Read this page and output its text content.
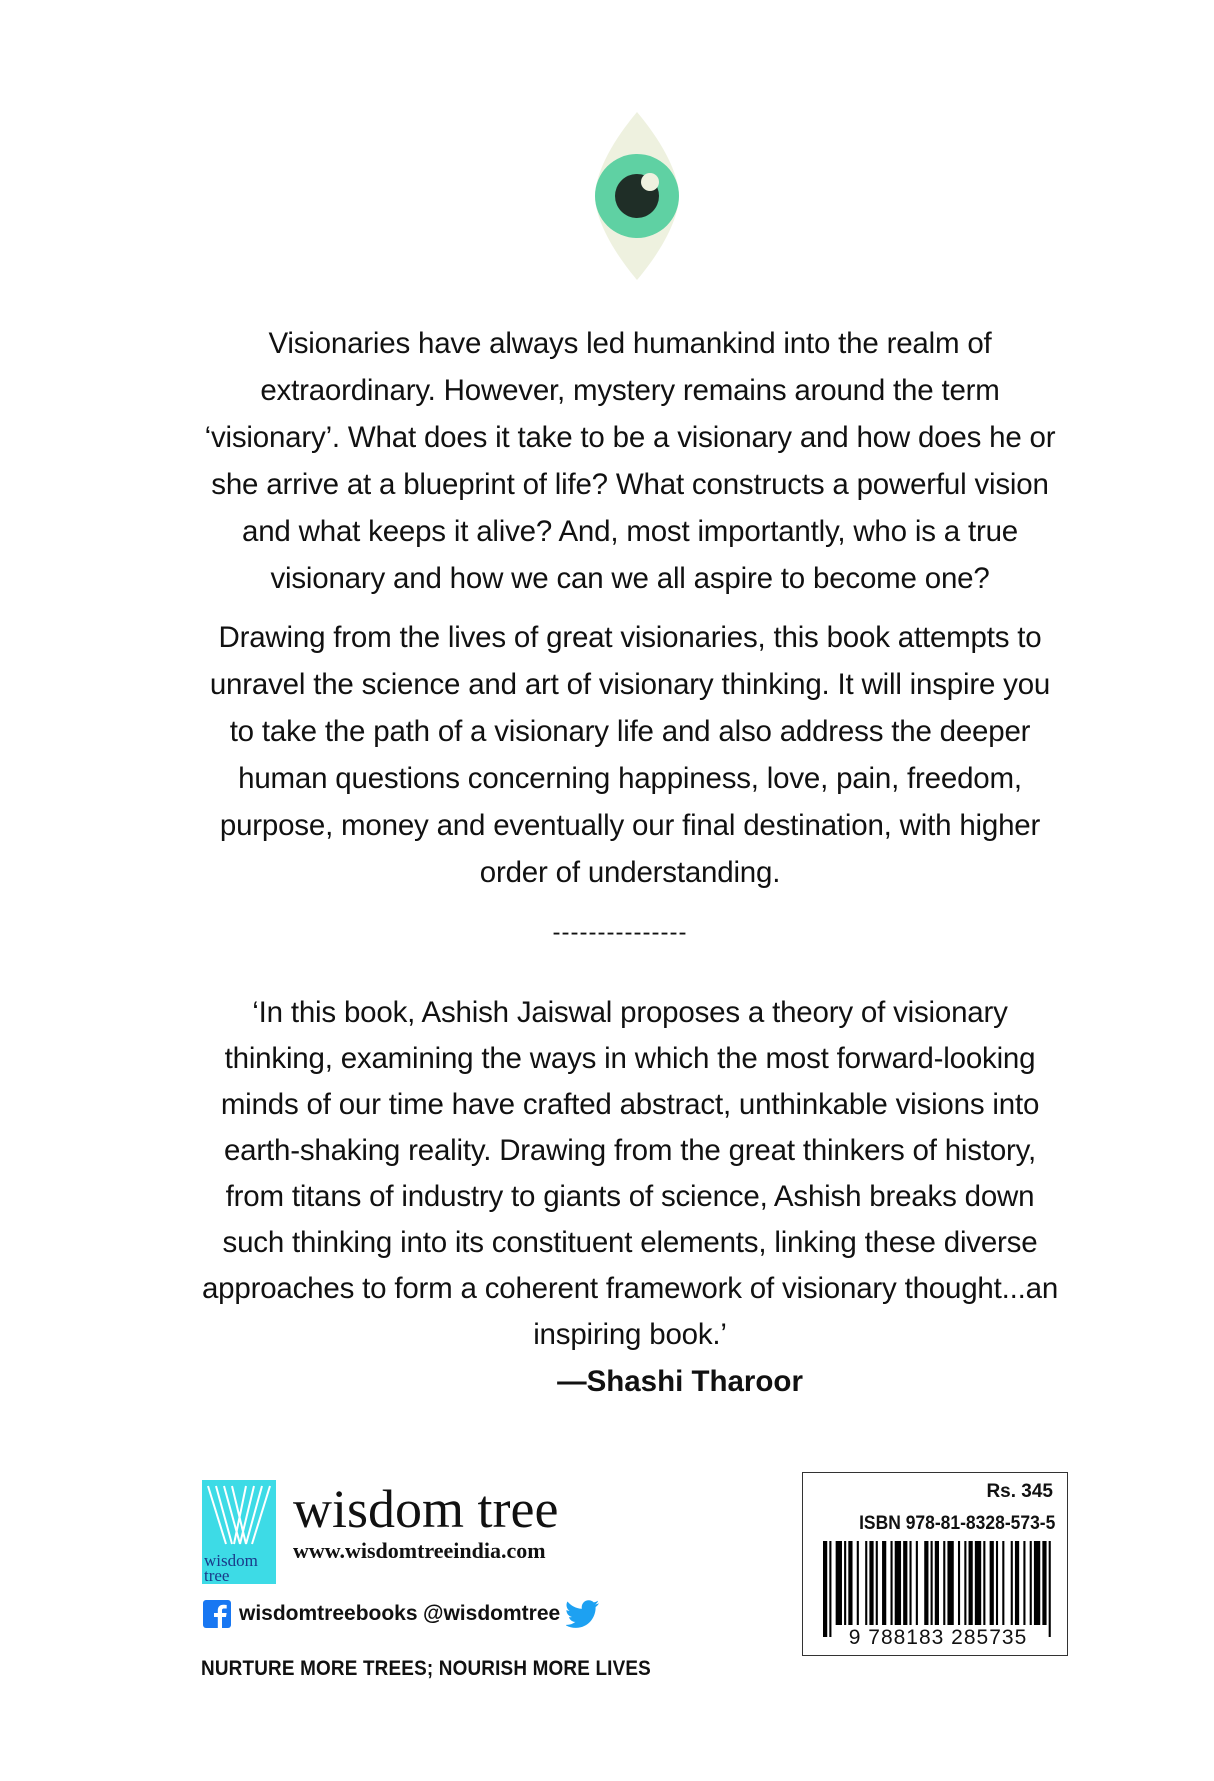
Visionaries have always led humankind into the realm of extraordinary. However, mystery remains around the term ‘visionary’. What does it take to be a visionary and how does he or she arrive at a blueprint of life? What constructs a powerful vision and what keeps it alive? And, most importantly, who is a true visionary and how we can we all aspire to become one?

Drawing from the lives of great visionaries, this book attempts to unravel the science and art of visionary thinking. It will inspire you to take the path of a visionary life and also address the deeper human questions concerning happiness, love, pain, freedom, purpose, money and eventually our final destination, with higher order of understanding.

---------------

‘In this book, Ashish Jaiswal proposes a theory of visionary thinking, examining the ways in which the most forward-looking minds of our time have crafted abstract, unthinkable visions into earth-shaking reality. Drawing from the great thinkers of history, from titans of industry to giants of science, Ashish breaks down such thinking into its constituent elements, linking these diverse approaches to form a coherent framework of visionary thought...an inspiring book.’

—Shashi Tharoor
wisdom
tree
wisdom tree
www.wisdomtreeindia.com
wisdomtreebooks @wisdomtree
NURTURE MORE TREES; NOURISH MORE LIVES
Rs. 345
ISBN 978-81-8328-573-5
9 788183 285735
